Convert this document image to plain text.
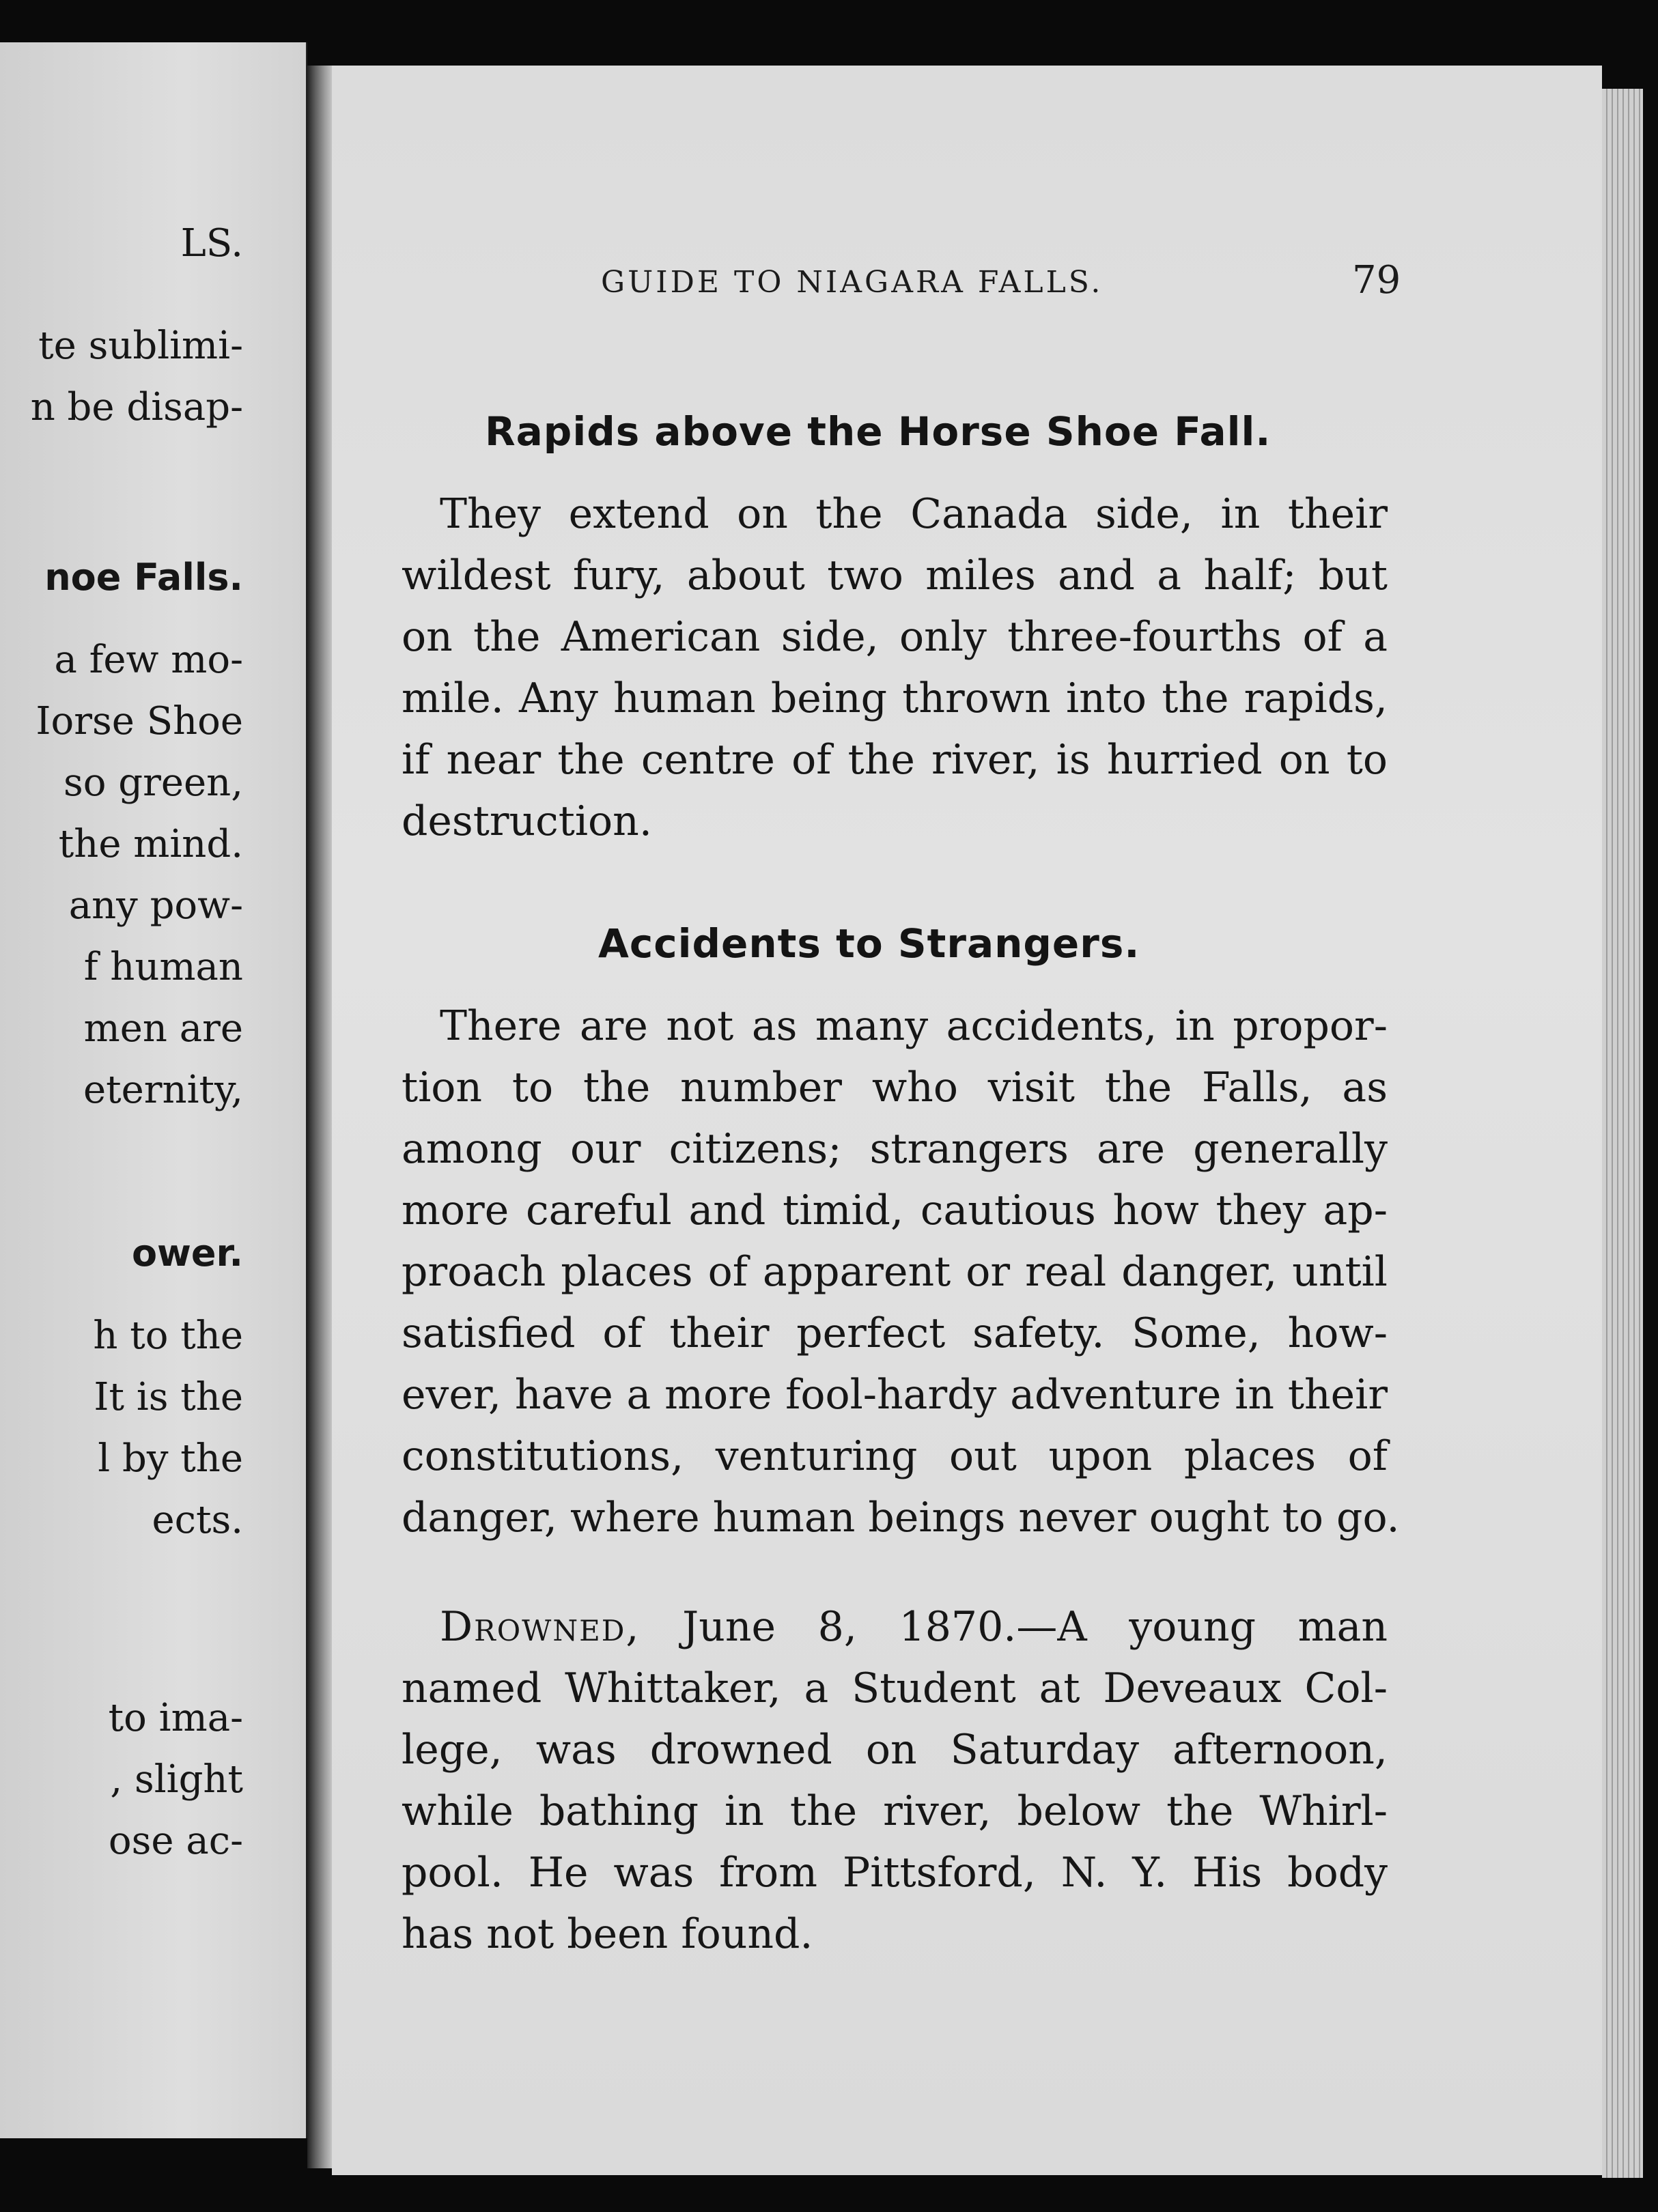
LS.
te sublimi-
n be disap-
noe Falls.
a few mo-
Iorse Shoe
so green,
the mind.
any pow-
f human
men are
eternity,
ower.
h to the
It is the
l by the
ects.
to ima-
, slight
ose ac-
GUIDE TO NIAGARA FALLS.	79
Rapids above the Horse Shoe Fall.
They extend on the Canada side, in their
wildest fury, about two miles and a half; but
on the American side, only three-fourths of a
mile. Any human being thrown into the rapids,
if near the centre of the river, is hurried on to
destruction.
Accidents to Strangers.
There are not as many accidents, in propor-
tion to the number who visit the Falls, as
among our citizens; strangers are generally
more careful and timid, cautious how they ap-
proach places of apparent or real danger, until
satisfied of their perfect safety. Some, how-
ever, have a more fool-hardy adventure in their
constitutions, venturing out upon places of
danger, where human beings never ought to go.
Drowned, June 8, 1870.—A young man
named Whittaker, a Student at Deveaux Col-
lege, was drowned on Saturday afternoon,
while bathing in the river, below the Whirl-
pool. He was from Pittsford, N. Y. His body
has not been found.
